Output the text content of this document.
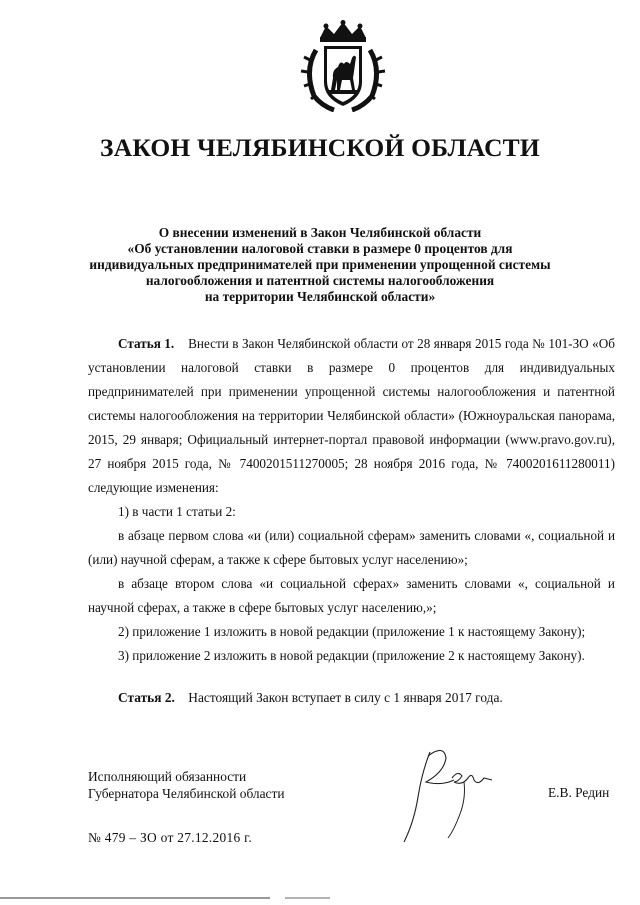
ЗАКОН ЧЕЛЯБИНСКОЙ ОБЛАСТИ
О внесении изменений в Закон Челябинской области
«Об установлении налоговой ставки в размере 0 процентов для
индивидуальных предпринимателей при применении упрощенной системы
налогообложения и патентной системы налогообложения
на территории Челябинской области»

Статья 1. Внести в Закон Челябинской области от 28 января 2015 года № 101-ЗО «Об установлении налоговой ставки в размере 0 процентов для индивидуальных предпринимателей при применении упрощенной системы налогообложения и патентной системы налогообложения на территории Челябинской области» (Южноуральская панорама, 2015, 29 января; Официальный интернет-портал правовой информации (www.pravo.gov.ru), 27 ноября 2015 года, № 7400201511270005; 28 ноября 2016 года, № 7400201611280011) следующие изменения:

1) в части 1 статьи 2:

в абзаце первом слова «и (или) социальной сферам» заменить словами «, социальной и (или) научной сферам, а также к сфере бытовых услуг населению»;

в абзаце втором слова «и социальной сферах» заменить словами «, социальной и научной сферах, а также в сфере бытовых услуг населению,»;

2) приложение 1 изложить в новой редакции (приложение 1 к настоящему Закону);

3) приложение 2 изложить в новой редакции (приложение 2 к настоящему Закону).

Статья 2. Настоящий Закон вступает в силу с 1 января 2017 года.
Исполняющий обязанности
Губернатора Челябинской области	Е.В. Редин
№ 479 – ЗО от 27.12.2016 г.
